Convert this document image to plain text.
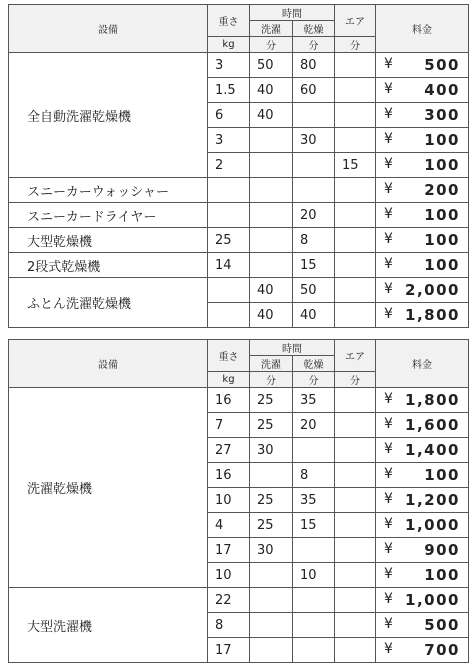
設備	重さ	時間		エア	料金
		洗濯	乾燥		
	kg	分	分	分	
全自動洗濯乾燥機	3	50	80		¥ 500

	1.5	40	60		¥ 400

	6	40			¥ 300

	3		30		¥ 100

	2			15	¥ 100

スニーカーウォッシャー					¥ 200

スニーカードライヤー			20		¥ 100

大型乾燥機	25		8		¥ 100

2段式乾燥機	14		15		¥ 100

ふとん洗濯乾燥機		40	50		¥ 2,000

		40	40		¥ 1,800
設備	重さ	時間		エア	料金
		洗濯	乾燥		
	kg	分	分	分	
洗濯乾燥機	16	25	35		¥ 1,800

	7	25	20		¥ 1,600

	27	30			¥ 1,400

	16		8		¥ 100

	10	25	35		¥ 1,200

	4	25	15		¥ 1,000

	17	30			¥ 900

	10		10		¥ 100

大型洗濯機	22				¥ 1,000

	8				¥ 500

	17				¥ 700
